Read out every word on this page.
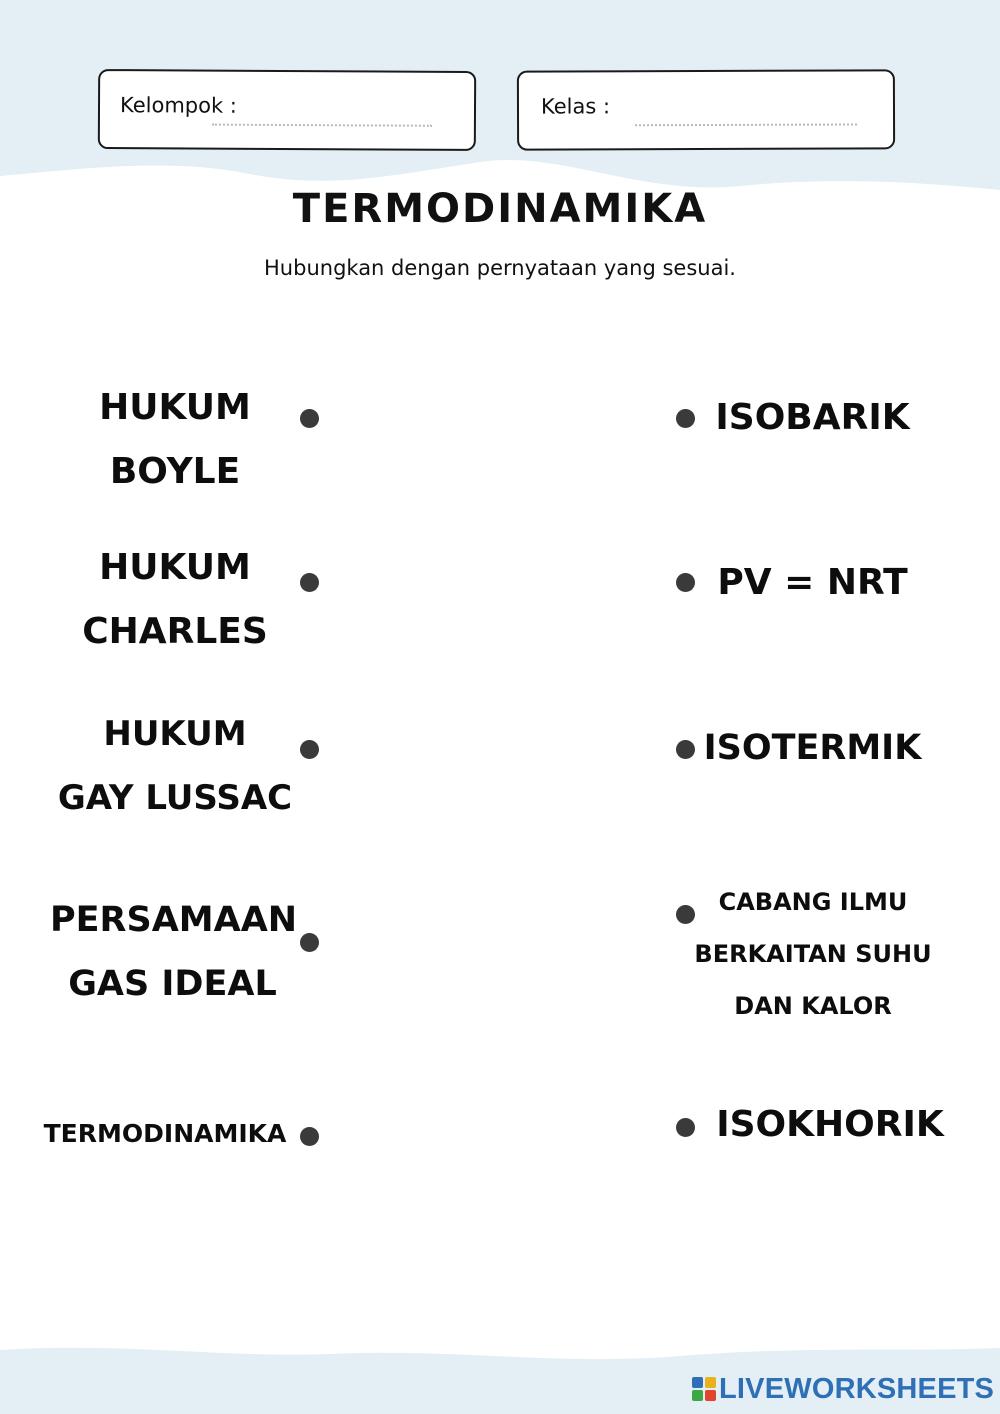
Kelompok :	Kelas :
TERMODINAMIKA
Hubungkan dengan pernyataan yang sesuai.
HUKUM
BOYLE
HUKUM
CHARLES
HUKUM
GAY LUSSAC
PERSAMAAN
GAS IDEAL
TERMODINAMIKA
ISOBARIK
PV = NRT
ISOTERMIK
CABANG ILMU
BERKAITAN SUHU
DAN KALOR
ISOKHORIK
LIVEWORKSHEETS
